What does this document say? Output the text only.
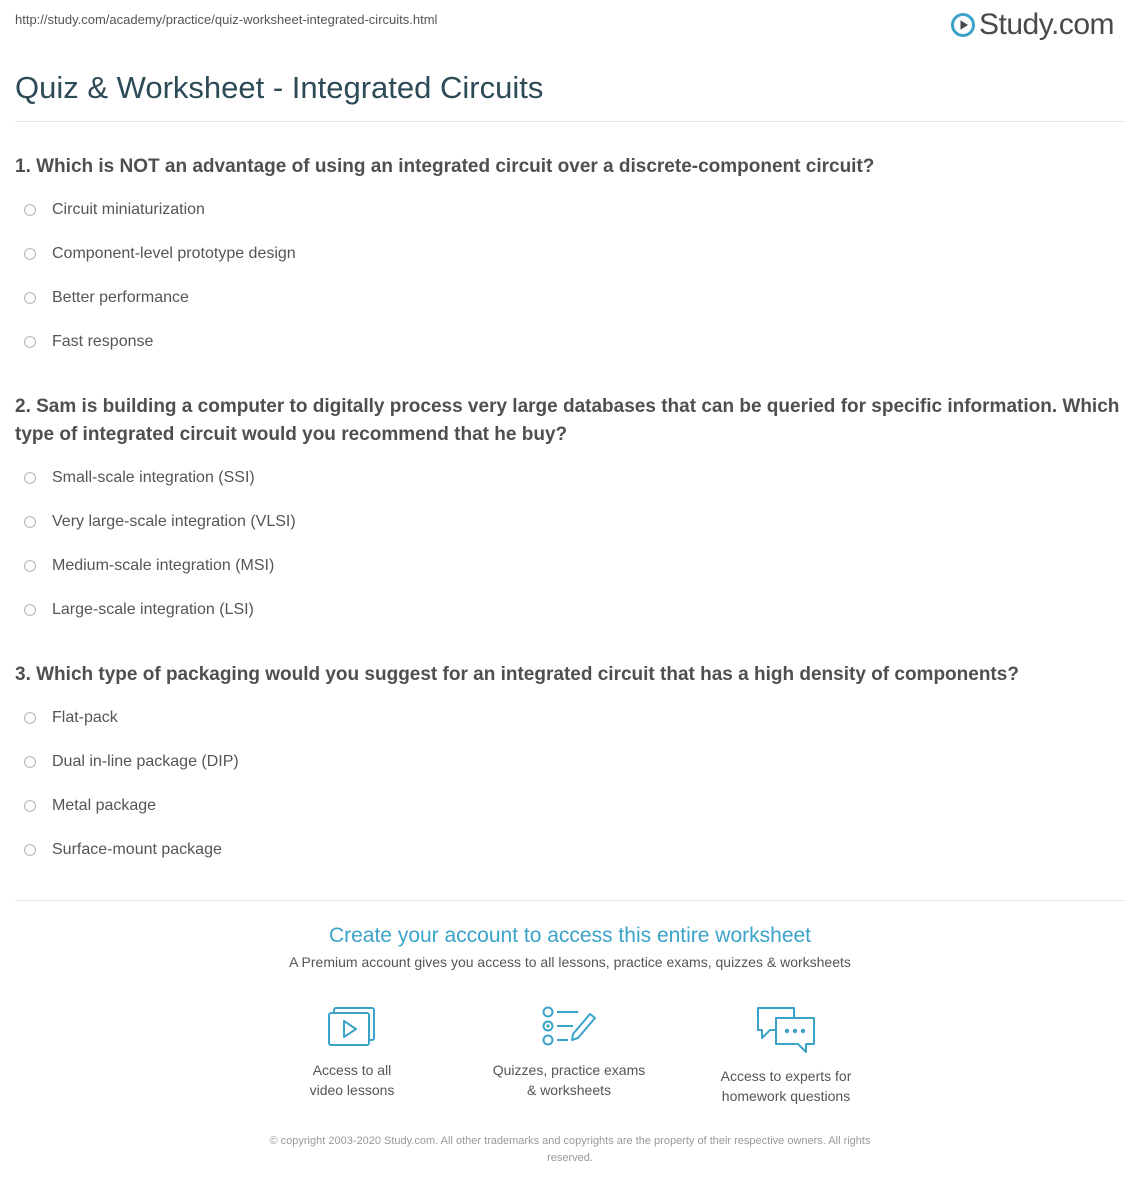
http://study.com/academy/practice/quiz-worksheet-integrated-circuits.html	Study.com
Quiz & Worksheet - Integrated Circuits

1. Which is NOT an advantage of using an integrated circuit over a discrete-component circuit?

Circuit miniaturization
Component-level prototype design
Better performance
Fast response

2. Sam is building a computer to digitally process very large databases that can be queried for specific information. Which type of integrated circuit would you recommend that he buy?

Small-scale integration (SSI)
Very large-scale integration (VLSI)
Medium-scale integration (MSI)
Large-scale integration (LSI)

3. Which type of packaging would you suggest for an integrated circuit that has a high density of components?

Flat-pack
Dual in-line package (DIP)
Metal package
Surface-mount package
Create your account to access this entire worksheet
A Premium account gives you access to all lessons, practice exams, quizzes & worksheets
Access to all
video lessons
Quizzes, practice exams
& worksheets
Access to experts for
homework questions
© copyright 2003-2020 Study.com. All other trademarks and copyrights are the property of their respective owners. All rights
reserved.
